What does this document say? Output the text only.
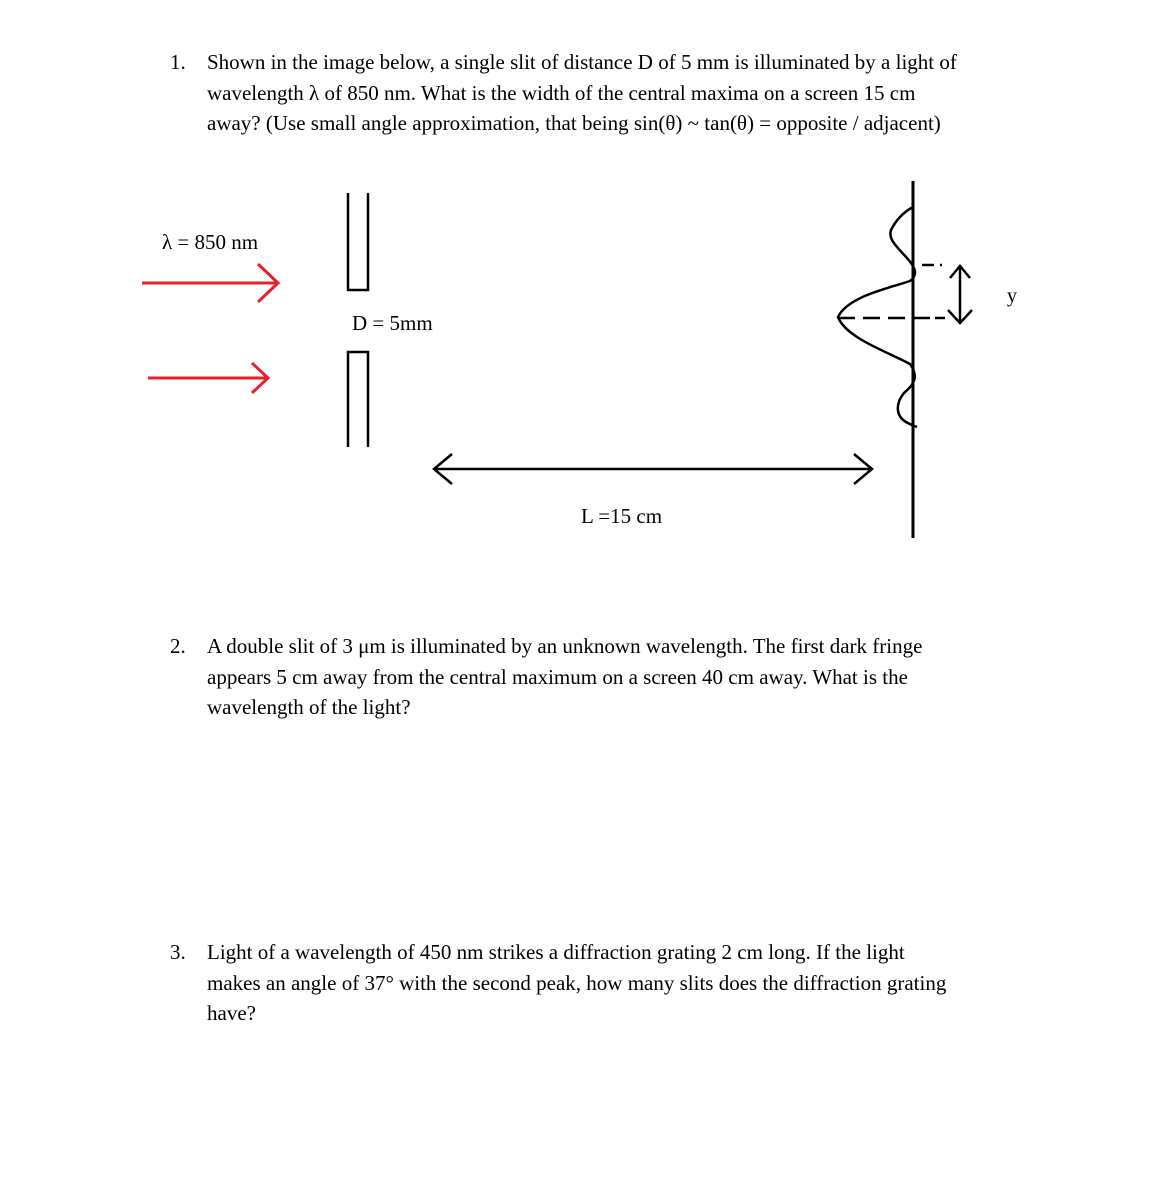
1. Shown in the image below, a single slit of distance D of 5 mm is illuminated by a light of
wavelength λ of 850 nm. What is the width of the central maxima on a screen 15 cm
away? (Use small angle approximation, that being sin(θ) ~ tan(θ) = opposite / adjacent)
λ = 850 nm
D = 5mm
L =15 cm
y
2. A double slit of 3 μm is illuminated by an unknown wavelength. The first dark fringe
appears 5 cm away from the central maximum on a screen 40 cm away. What is the
wavelength of the light?
3. Light of a wavelength of 450 nm strikes a diffraction grating 2 cm long. If the light
makes an angle of 37° with the second peak, how many slits does the diffraction grating
have?
